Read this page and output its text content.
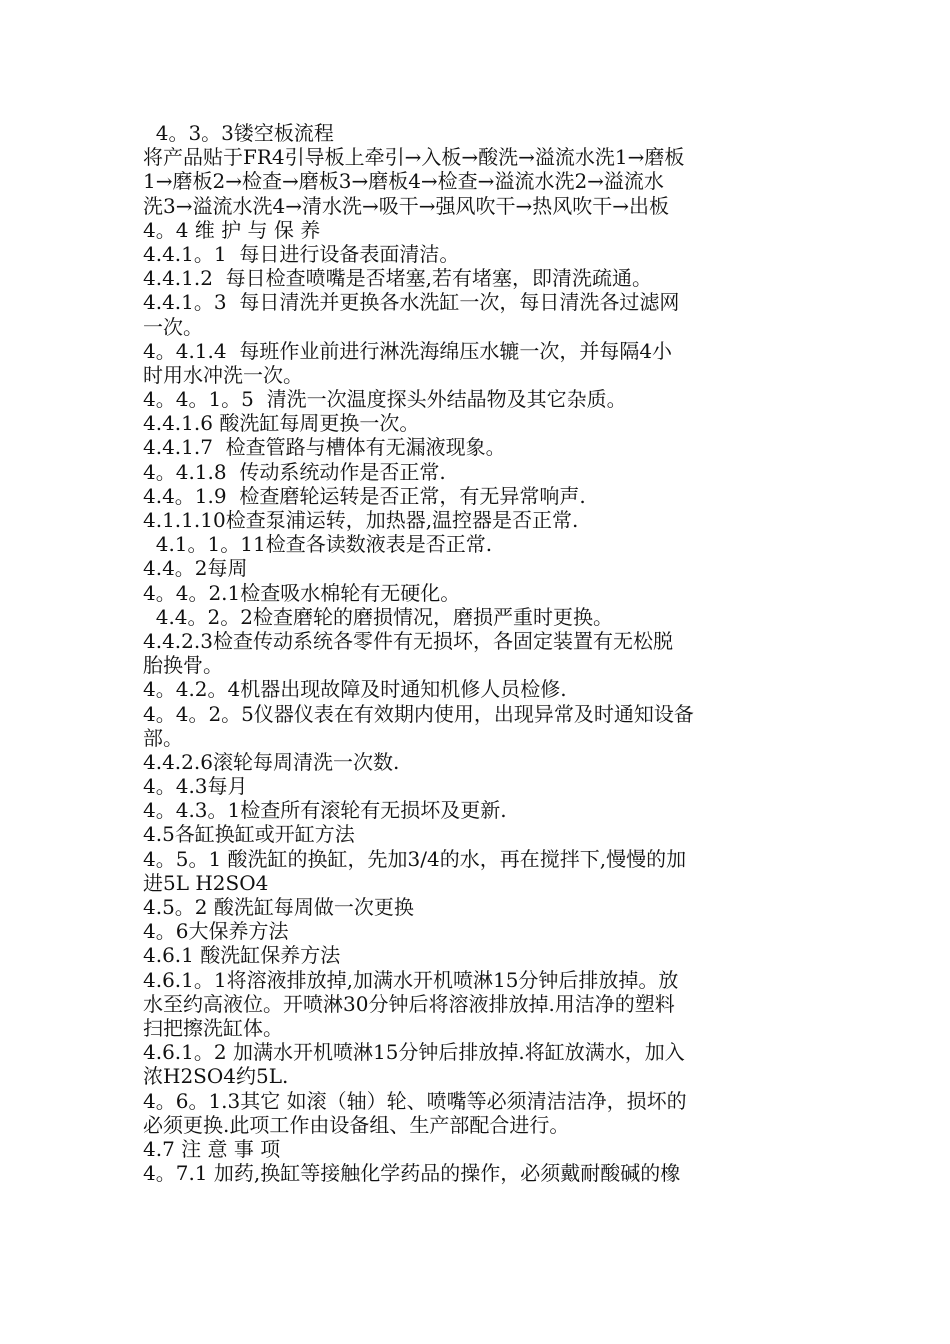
4。3。3镂空板流程
将产品贴于FR4引导板上牵引→入板→酸洗→溢流水洗1→磨板
1→磨板2→检查→磨板3→磨板4→检查→溢流水洗2→溢流水
洗3→溢流水洗4→清水洗→吸干→强风吹干→热风吹干→出板
4。4 维 护 与 保 养
4.4.1。1  每日进行设备表面清洁。
4.4.1.2  每日检查喷嘴是否堵塞,若有堵塞，即清洗疏通。
4.4.1。3  每日清洗并更换各水洗缸一次，每日清洗各过滤网
一次。
4。4.1.4  每班作业前进行淋洗海绵压水辘一次，并每隔4小
时用水冲洗一次。
4。4。1。5  清洗一次温度探头外结晶物及其它杂质。
4.4.1.6 酸洗缸每周更换一次。
4.4.1.7  检查管路与槽体有无漏液现象。
4。4.1.8  传动系统动作是否正常.
4.4。1.9  检查磨轮运转是否正常，有无异常响声.
4.1.1.10检查泵浦运转，加热器,温控器是否正常.
4.1。1。11检查各读数液表是否正常.
4.4。2每周
4。4。2.1检查吸水棉轮有无硬化。
4.4。2。2检查磨轮的磨损情况，磨损严重时更换。
4.4.2.3检查传动系统各零件有无损坏，各固定装置有无松脱
胎换骨。
4。4.2。4机器出现故障及时通知机修人员检修.
4。4。2。5仪器仪表在有效期内使用，出现异常及时通知设备
部。
4.4.2.6滚轮每周清洗一次数.
4。4.3每月
4。4.3。1检查所有滚轮有无损坏及更新.
4.5各缸换缸或开缸方法
4。5。1 酸洗缸的换缸，先加3/4的水，再在搅拌下,慢慢的加
进5L H2SO4
4.5。2 酸洗缸每周做一次更换
4。6大保养方法
4.6.1 酸洗缸保养方法
4.6.1。1将溶液排放掉,加满水开机喷淋15分钟后排放掉。放
水至约高液位。开喷淋30分钟后将溶液排放掉.用洁净的塑料
扫把擦洗缸体。
4.6.1。2 加满水开机喷淋15分钟后排放掉.将缸放满水，加入
浓H2SO4约5L.
4。6。1.3其它 如滚（轴）轮、喷嘴等必须清洁洁净，损坏的
必须更换.此项工作由设备组、生产部配合进行。
4.7 注 意 事 项
4。7.1 加药,换缸等接触化学药品的操作，必须戴耐酸碱的橡
